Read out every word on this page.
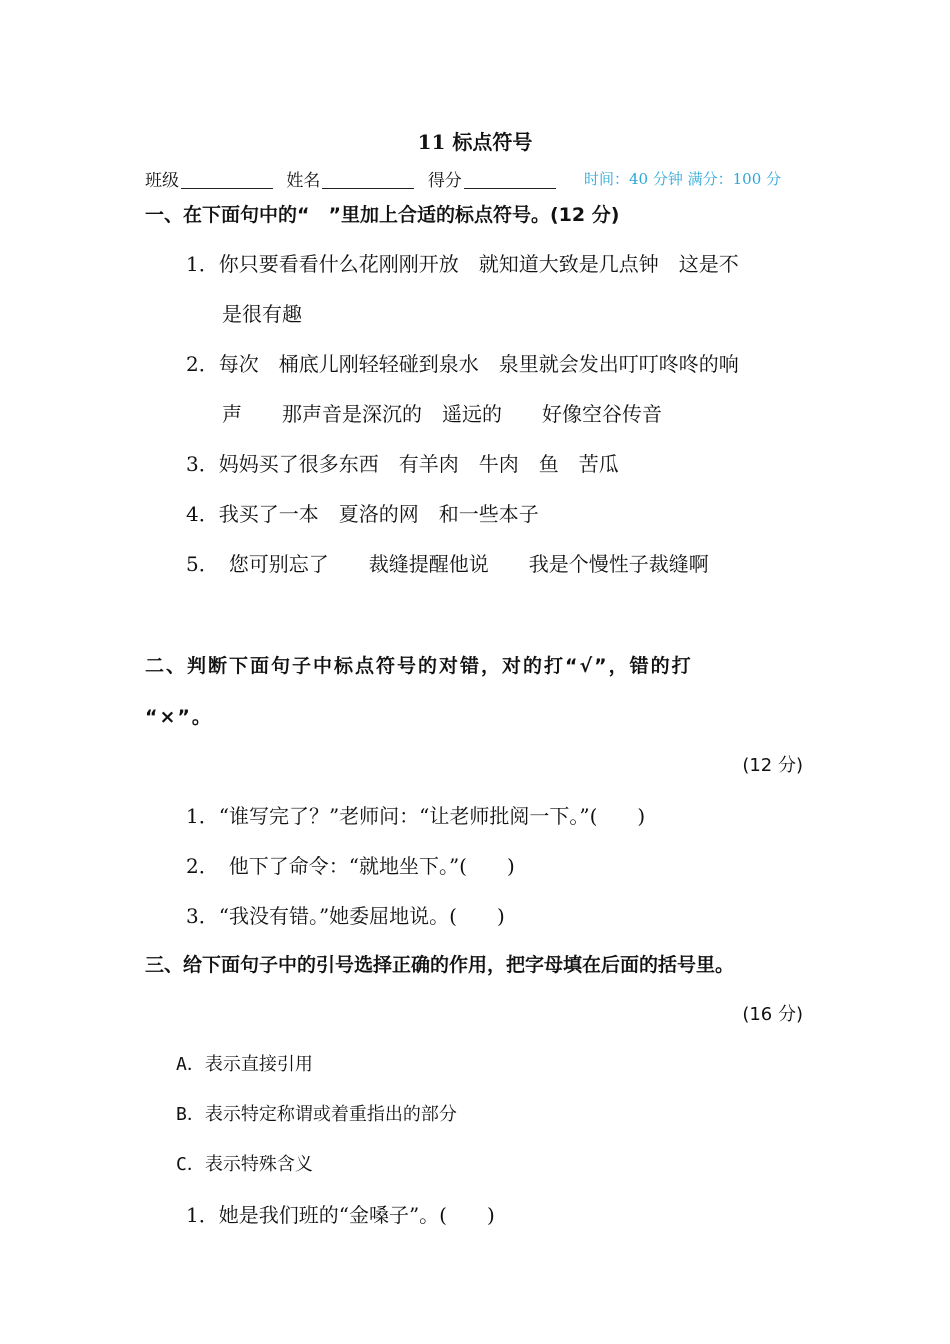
11 标点符号
班级	姓名	得分	时间：40 分钟 满分：100 分
一、在下面句中的“　”里加上合适的标点符号。(12 分)
1．你只要看看什么花刚刚开放　就知道大致是几点钟　这是不
是很有趣
2．每次　桶底儿刚轻轻碰到泉水　泉里就会发出叮叮咚咚的响
声　　那声音是深沉的　遥远的　　好像空谷传音
3．妈妈买了很多东西　有羊肉　牛肉　鱼　苦瓜
4．我买了一本　夏洛的网　和一些本子
5．　您可别忘了　　裁缝提醒他说　　我是个慢性子裁缝啊
二、判断下面句子中标点符号的对错，对的打“√”，错的打
“×”。
(12 分)
1．“谁写完了？”老师问：“让老师批阅一下。”(　　)
2．　他下了命令：“就地坐下。”(　　)
3．“我没有错。”她委屈地说。(　　)
三、给下面句子中的引号选择正确的作用，把字母填在后面的括号里。
(16 分)
A．表示直接引用
B．表示特定称谓或着重指出的部分
C．表示特殊含义
1．她是我们班的“金嗓子”。(　　)
